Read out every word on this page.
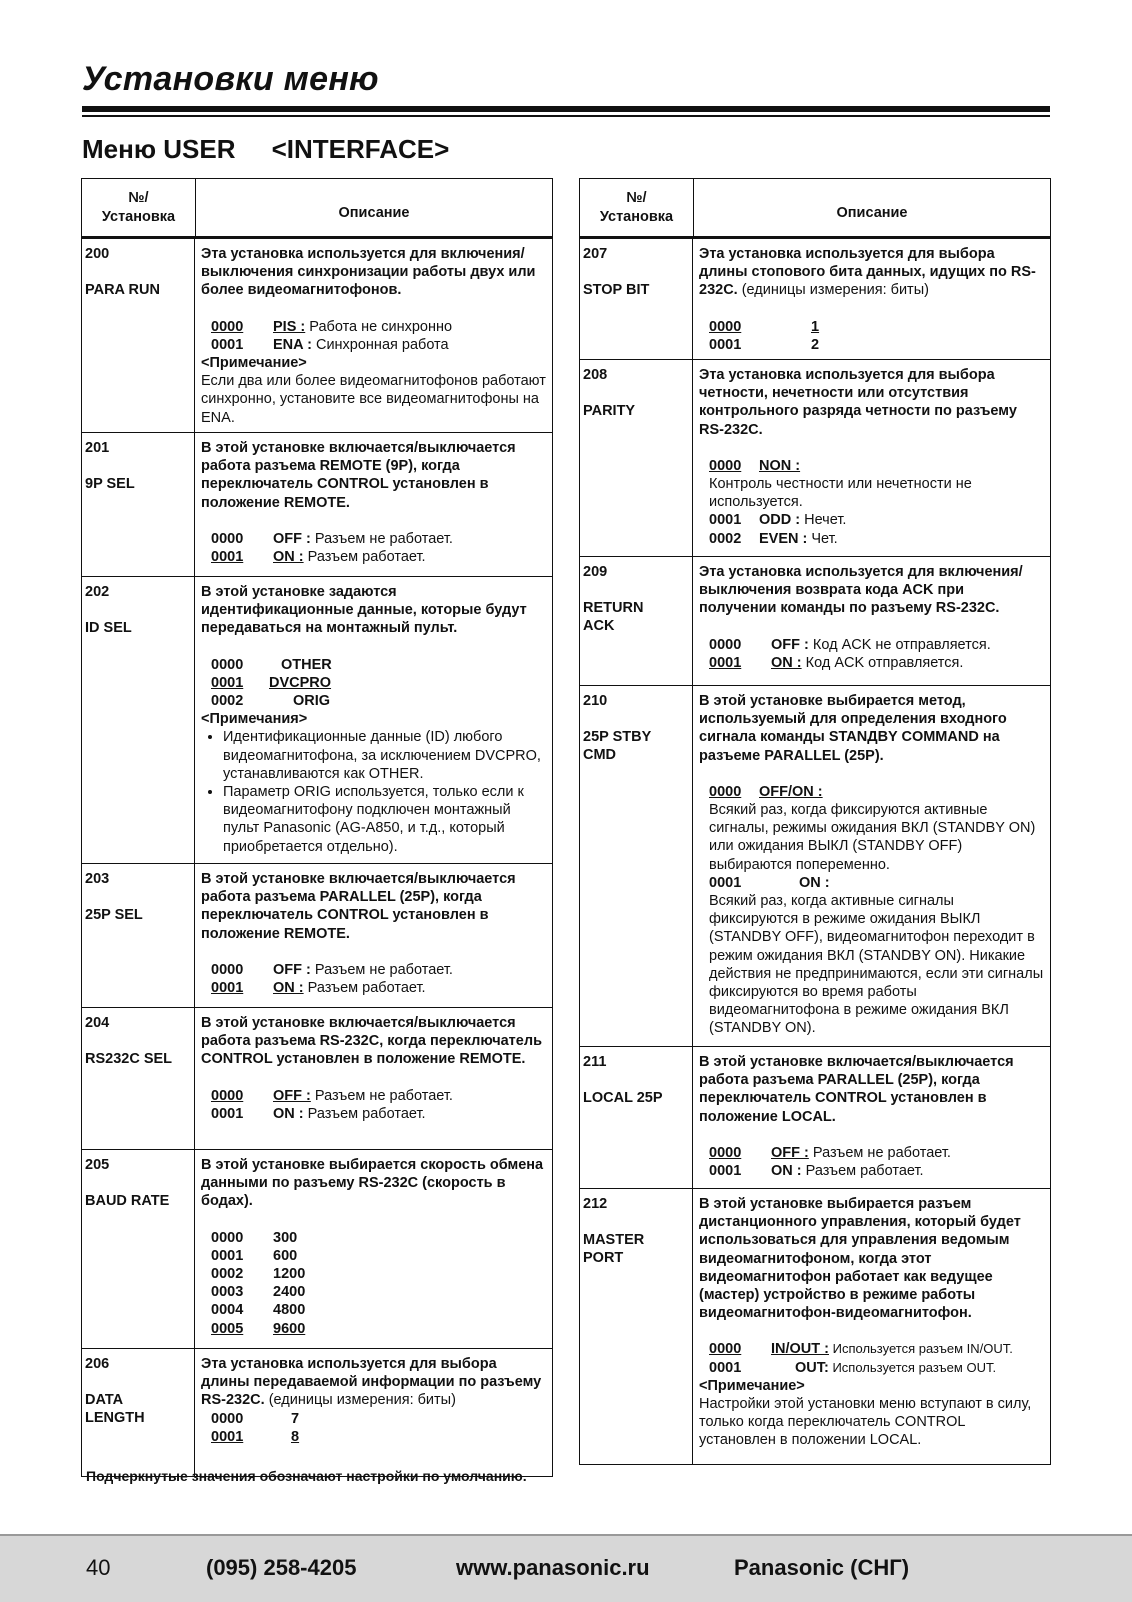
Установки меню
Меню USER     <INTERFACE>
№/
Установка	Описание
200
PARA RUN
Эта установка используется для включения/выключения синхронизации работы двух или более видеомагнитофонов.
0000 PIS : Работа не синхронно
0001 ENA : Синхронная работа
<Примечание>
Если два или более видеомагнитофонов работают синхронно, установите все видеомагнитофоны на ENA.
201
9P SEL
В этой установке включается/выключается работа разъема REMOTE (9P), когда переключатель CONTROL установлен в положение REMOTE.
0000 OFF : Разъем не работает.
0001 ON : Разъем работает.
202
ID SEL
В этой установке задаются идентификационные данные, которые будут передаваться на монтажный пульт.
0000	OTHER
0001 DVCPRO
0002	ORIG
<Примечания>
• Идентификационные данные (ID) любого видеомагнитофона, за исключением DVCPRO, устанавливаются как OTHER.
• Параметр ORIG используется, только если к видеомагнитофону подключен монтажный пульт Panasonic (AG-A850, и т.д., который приобретается отдельно).
203
25P SEL
В этой установке включается/выключается работа разъема PARALLEL (25P), когда переключатель CONTROL установлен в положение REMOTE.
0000 OFF : Разъем не работает.
0001 ON : Разъем работает.
204
RS232C SEL
В этой установке включается/выключается работа разъема RS-232C, когда переключатель CONTROL установлен в положение REMOTE.
0000 OFF : Разъем не работает.
0001 ON : Разъем работает.
205
BAUD RATE
В этой установке выбирается скорость обмена данными по разъему RS-232C (скорость в бодах).
0000 300
0001 600
0002 1200
0003 2400
0004 4800
0005 9600
206
DATA
LENGTH
Эта установка используется для выбора длины передаваемой информации по разъему RS-232C. (единицы измерения: биты)
0000	7
0001	8
№/
Установка	Описание
207
STOP BIT
Эта установка используется для выбора длины стопового бита данных, идущих по RS-232C. (единицы измерения: биты)
0000	1
0001	2
208
PARITY
Эта установка используется для выбора четности, нечетности или отсутствия контрольного разряда четности по разъему RS-232C.
0000 NON :
Контроль честности или нечетности не используется.
0001 ODD : Нечет.
0002 EVEN : Чет.
209
RETURN
ACK
Эта установка используется для включения/выключения возврата кода ACK при получении команды по разъему RS-232C.
0000 OFF : Код ACK не отправляется.
0001 ON : Код ACK отправляется.
210
25P STBY
CMD
В этой установке выбирается метод, используемый для определения входного сигнала команды STANДBY COMMAND на разъеме PARALLEL (25P).
0000 OFF/ON :
Всякий раз, когда фиксируются активные сигналы, режимы ожидания ВКЛ (STANDBY ON) или ожидания ВЫКЛ (STANDBY OFF) выбираются попеременно.
0001	ON :
Всякий раз, когда активные сигналы фиксируются в режиме ожидания ВЫКЛ (STANDBY OFF), видеомагнитофон переходит в режим ожидания ВКЛ (STANDBY ON). Никакие действия не предпринимаются, если эти сигналы фиксируются во время работы видеомагнитофона в режиме ожидания ВКЛ (STANDBY ON).
211
LOCAL 25P
В этой установке включается/выключается работа разъема PARALLEL (25P), когда переключатель CONTROL установлен в положение LOCAL.
0000 OFF : Разъем не работает.
0001 ON : Разъем работает.
212
MASTER
PORT
В этой установке выбирается разъем дистанционного управления, который будет использоваться для управления ведомым видеомагнитофоном, когда этот видеомагнитофон работает как ведущее (мастер) устройство в режиме работы видеомагнитофон-видеомагнитофон.
0000 IN/OUT : Используется разъем IN/OUT.
0001	OUT: Используется разъем OUT.
<Примечание>
Настройки этой установки меню вступают в силу, только когда переключатель CONTROL установлен в положении LOCAL.
Подчеркнутые значения обозначают настройки по умолчанию.
40	(095) 258-4205	www.panasonic.ru	Panasonic (СНГ)
